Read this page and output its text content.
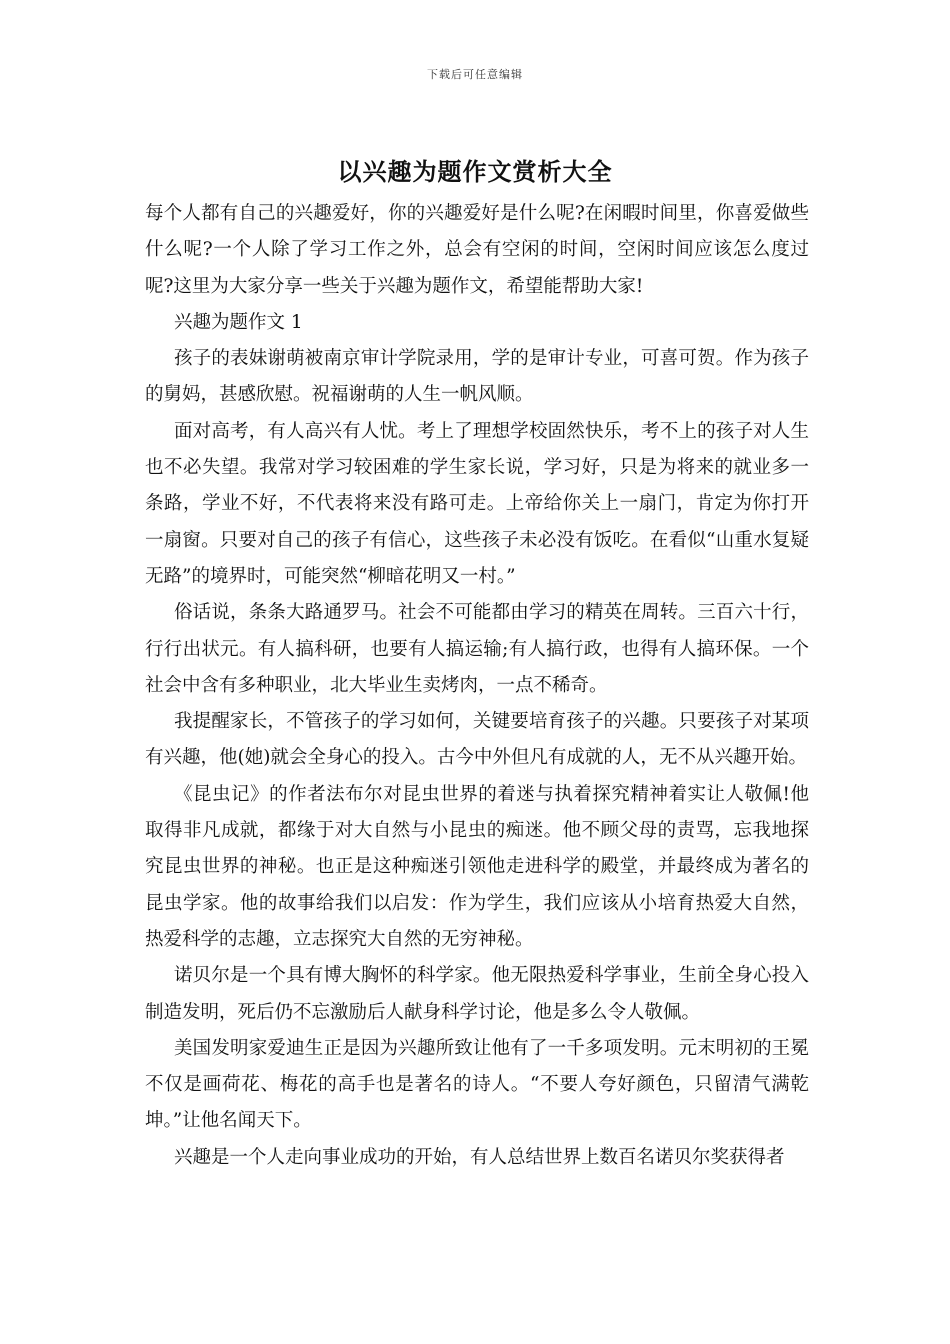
下载后可任意编辑
以兴趣为题作文赏析大全

每个人都有自己的兴趣爱好，你的兴趣爱好是什么呢?在闲暇时间里，你喜爱做些什么呢?一个人除了学习工作之外，总会有空闲的时间，空闲时间应该怎么度过呢?这里为大家分享一些关于兴趣为题作文，希望能帮助大家!

兴趣为题作文 1

孩子的表妹谢萌被南京审计学院录用，学的是审计专业，可喜可贺。作为孩子的舅妈，甚感欣慰。祝福谢萌的人生一帆风顺。

面对高考，有人高兴有人忧。考上了理想学校固然快乐，考不上的孩子对人生也不必失望。我常对学习较困难的学生家长说，学习好，只是为将来的就业多一条路，学业不好，不代表将来没有路可走。上帝给你关上一扇门，肯定为你打开一扇窗。只要对自己的孩子有信心，这些孩子未必没有饭吃。在看似“山重水复疑无路”的境界时，可能突然“柳暗花明又一村。”

俗话说，条条大路通罗马。社会不可能都由学习的精英在周转。三百六十行，行行出状元。有人搞科研，也要有人搞运输;有人搞行政，也得有人搞环保。一个社会中含有多种职业，北大毕业生卖烤肉，一点不稀奇。

我提醒家长，不管孩子的学习如何，关键要培育孩子的兴趣。只要孩子对某项有兴趣，他(她)就会全身心的投入。古今中外但凡有成就的人，无不从兴趣开始。

《昆虫记》的作者法布尔对昆虫世界的着迷与执着探究精神着实让人敬佩!他取得非凡成就，都缘于对大自然与小昆虫的痴迷。他不顾父母的责骂，忘我地探究昆虫世界的神秘。也正是这种痴迷引领他走进科学的殿堂，并最终成为著名的昆虫学家。他的故事给我们以启发：作为学生，我们应该从小培育热爱大自然，热爱科学的志趣，立志探究大自然的无穷神秘。

诺贝尔是一个具有博大胸怀的科学家。他无限热爱科学事业，生前全身心投入制造发明，死后仍不忘激励后人献身科学讨论，他是多么令人敬佩。

美国发明家爱迪生正是因为兴趣所致让他有了一千多项发明。元末明初的王冕不仅是画荷花、梅花的高手也是著名的诗人。“不要人夸好颜色，只留清气满乾坤。”让他名闻天下。

兴趣是一个人走向事业成功的开始，有人总结世界上数百名诺贝尔奖获得者
